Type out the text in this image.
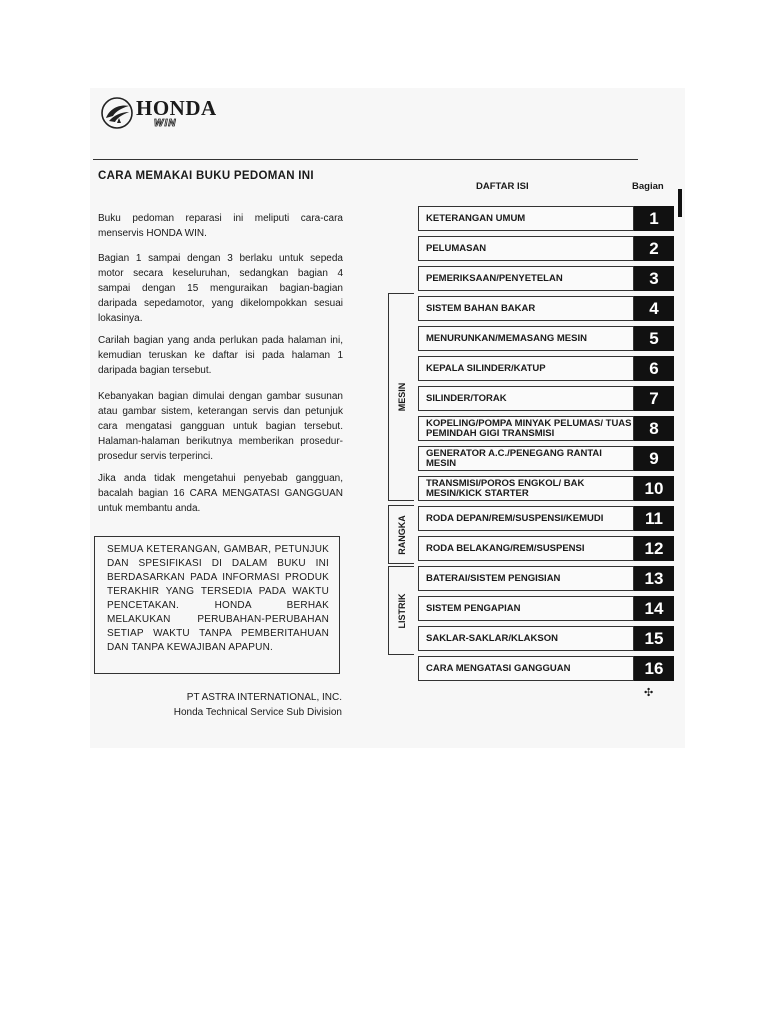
HONDA
WIN
CARA MEMAKAI BUKU PEDOMAN INI
Buku pedoman reparasi ini meliputi cara-cara menservis HONDA WIN.
Bagian 1 sampai dengan 3 berlaku untuk sepeda motor secara keseluruhan, sedangkan bagian 4 sampai dengan 15 menguraikan bagian-bagian daripada sepedamotor, yang dikelompokkan sesuai lokasinya.
Carilah bagian yang anda perlukan pada halaman ini, kemudian teruskan ke daftar isi pada halaman 1 daripada bagian tersebut.
Kebanyakan bagian dimulai dengan gambar susunan atau gambar sistem, keterangan servis dan petunjuk cara mengatasi gangguan untuk bagian tersebut. Halaman-halaman berikutnya memberikan prosedur-prosedur servis terperinci.
Jika anda tidak mengetahui penyebab gangguan, bacalah bagian 16 CARA MENGATASI GANGGUAN untuk membantu anda.
SEMUA KETERANGAN, GAMBAR, PETUNJUK DAN SPESIFIKASI DI DALAM BUKU INI BERDASARKAN PADA INFORMASI PRODUK TERAKHIR YANG TERSEDIA PADA WAKTU PENCETAKAN. HONDA BERHAK MELAKUKAN PERUBAHAN-PERUBAHAN SETIAP WAKTU TANPA PEMBERITAHUAN DAN TANPA KEWAJIBAN APAPUN.
PT ASTRA INTERNATIONAL, INC.
Honda Technical Service Sub Division
DAFTAR ISI	Bagian
MESIN
RANGKA
LISTRIK
KETERANGAN UMUM	1
PELUMASAN	2
PEMERIKSAAN/PENYETELAN	3
SISTEM BAHAN BAKAR	4
MENURUNKAN/MEMASANG MESIN	5
KEPALA SILINDER/KATUP	6
SILINDER/TORAK	7
KOPELING/POMPA MINYAK PELUMAS/ TUAS PEMINDAH GIGI TRANSMISI	8
GENERATOR A.C./PENEGANG RANTAI MESIN	9
TRANSMISI/POROS ENGKOL/ BAK MESIN/KICK STARTER	10
RODA DEPAN/REM/SUSPENSI/KEMUDI	11
RODA BELAKANG/REM/SUSPENSI	12
BATERAI/SISTEM PENGISIAN	13
SISTEM PENGAPIAN	14
SAKLAR-SAKLAR/KLAKSON	15
CARA MENGATASI GANGGUAN	16
✣
